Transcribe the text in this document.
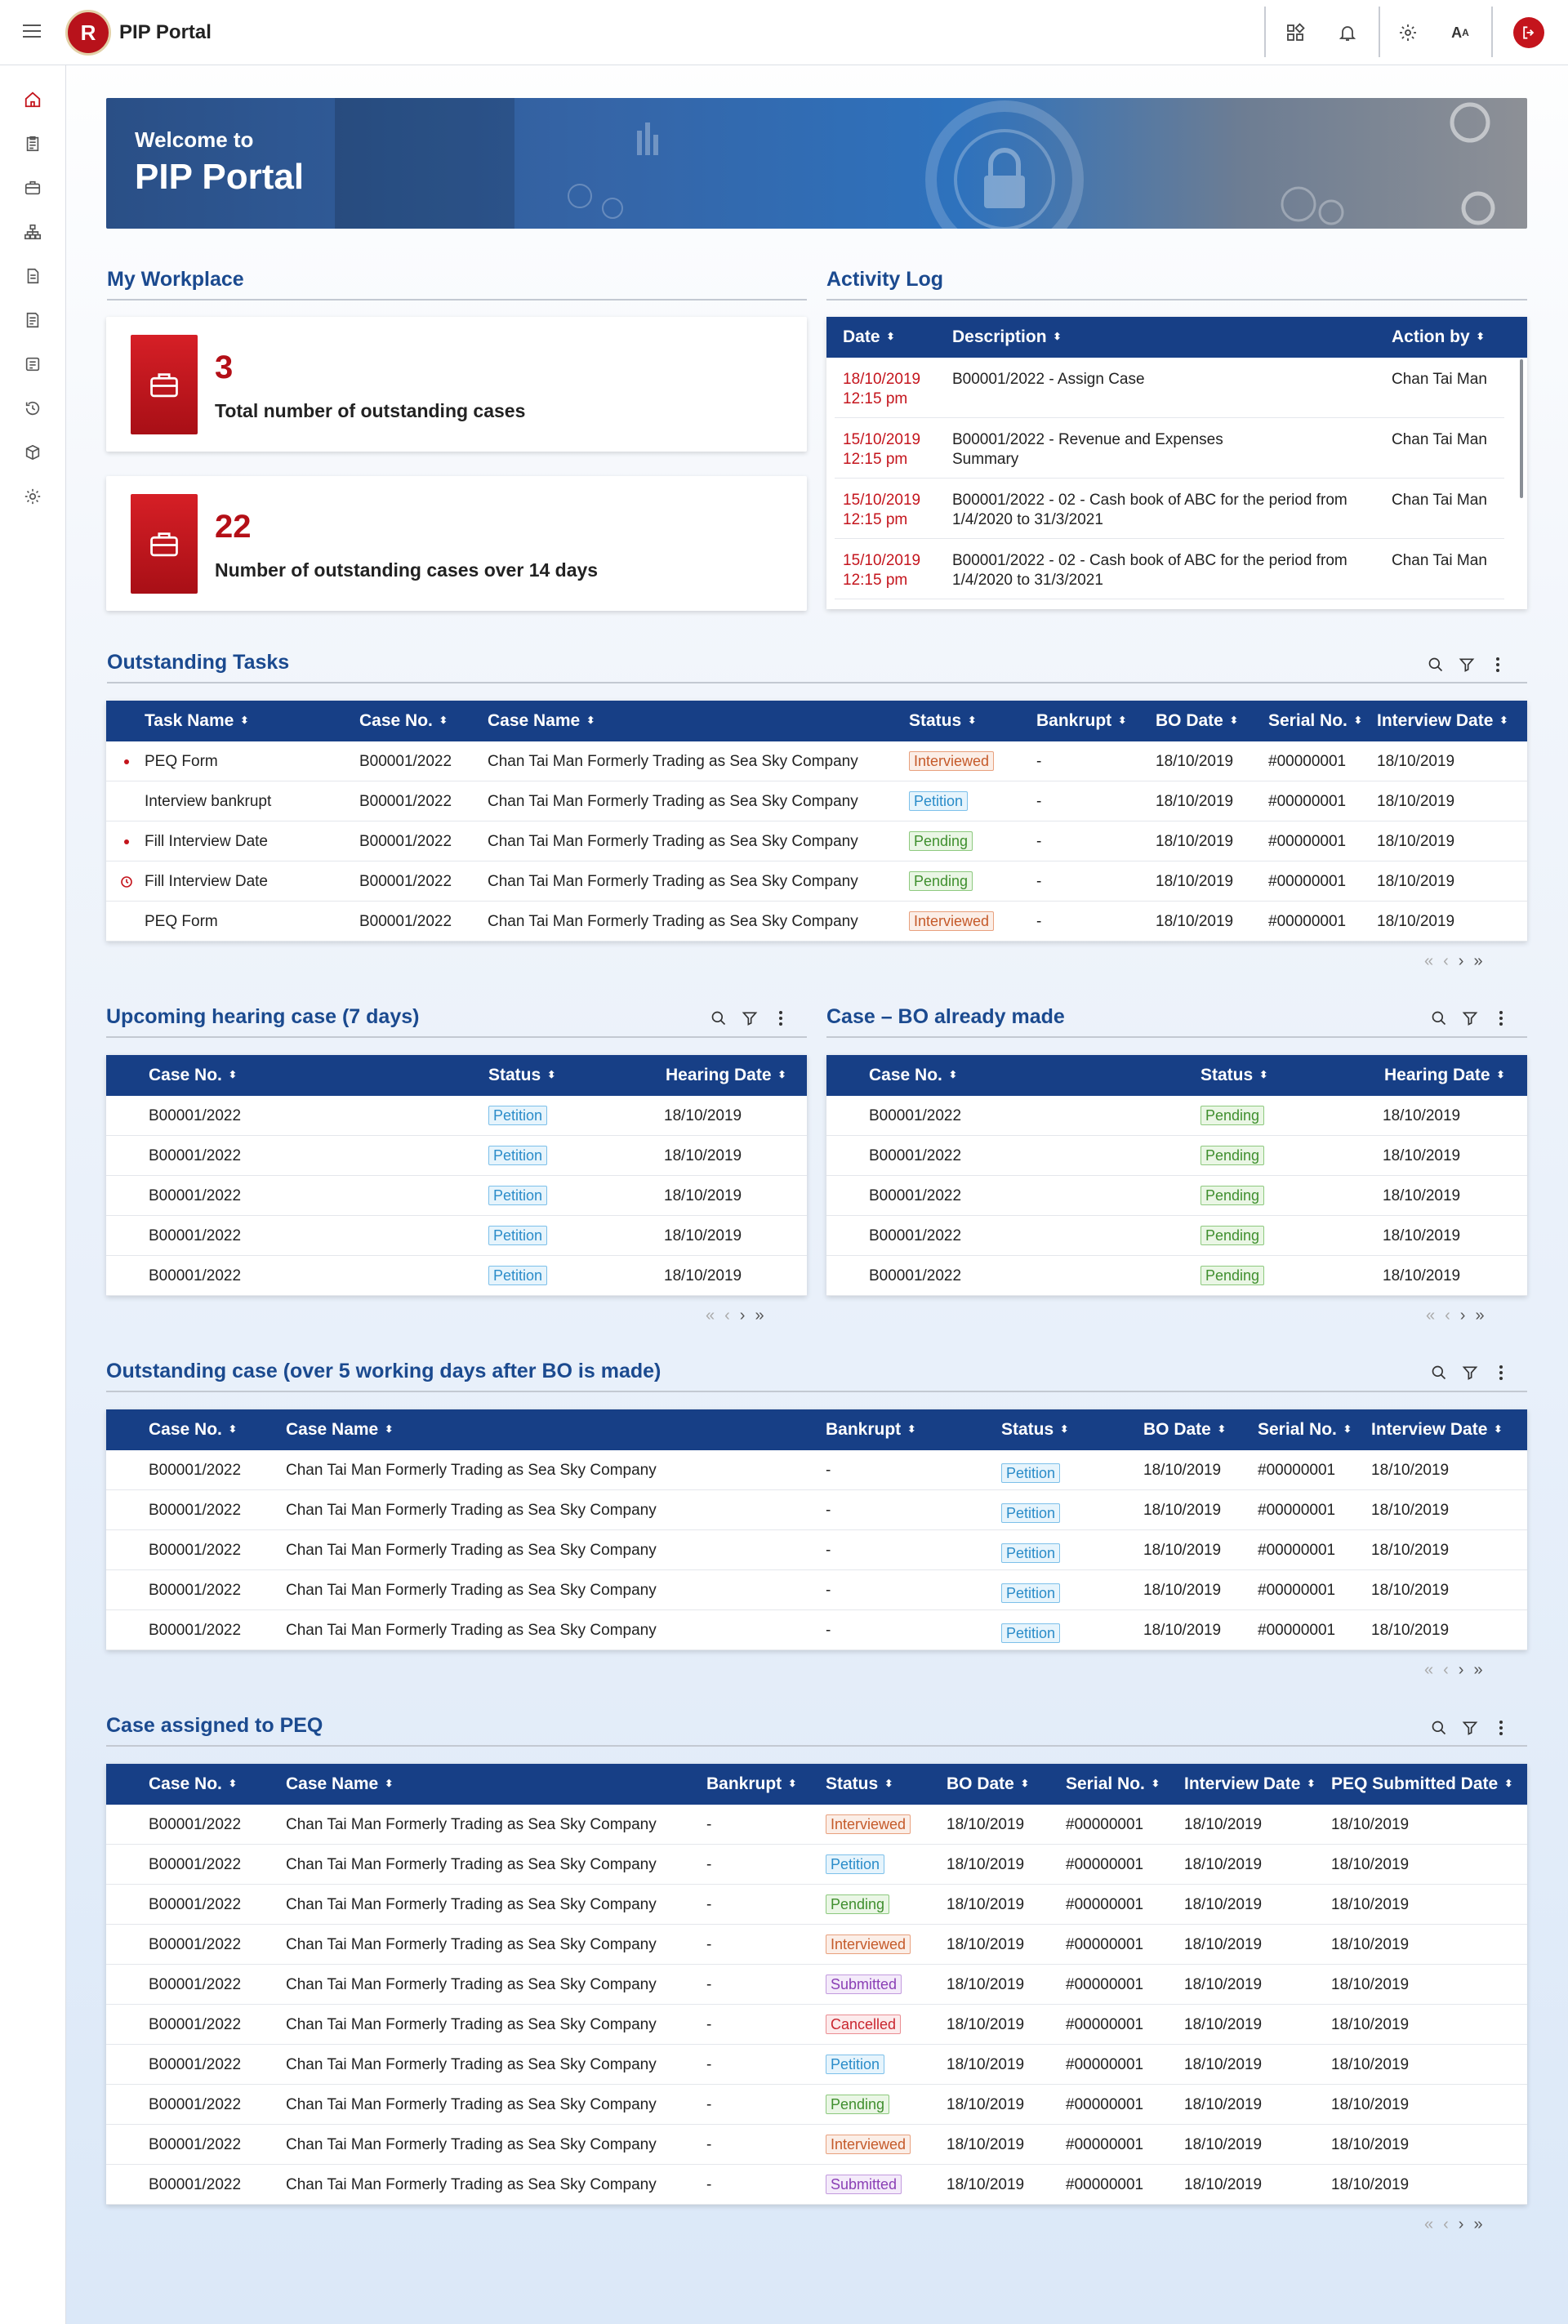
R	PIP Portal	A A
Welcome to
PIP Portal
My Workplace
3
Total number of outstanding cases
22
Number of outstanding cases over 14 days
Activity Log
Date ⬍	Description ⬍	Action by ⬍
18/10/2019
12:15 pm
B00001/2022 - Assign Case	Chan Tai Man
15/10/2019
12:15 pm
B00001/2022 - Revenue and Expenses
Summary
Chan Tai Man
15/10/2019
12:15 pm
B00001/2022 - 02 - Cash book of ABC for the period from
1/4/2020 to 31/3/2021
Chan Tai Man
15/10/2019
12:15 pm
B00001/2022 - 02 - Cash book of ABC for the period from
1/4/2020 to 31/3/2021
Chan Tai Man
Outstanding Tasks
Task Name ⬍	Case No. ⬍ Case Name ⬍	Status ⬍	Bankrupt ⬍ BO Date ⬍ Serial No. ⬍ Interview Date ⬍
PEQ Form	B00001/2022 Chan Tai Man Formerly Trading as Sea Sky Company	Interviewed	-	18/10/2019 #00000001 18/10/2019
Interview bankrupt	B00001/2022 Chan Tai Man Formerly Trading as Sea Sky Company	Petition	-	18/10/2019 #00000001 18/10/2019
Fill Interview Date	B00001/2022 Chan Tai Man Formerly Trading as Sea Sky Company	Pending	-	18/10/2019 #00000001 18/10/2019
Fill Interview Date	B00001/2022 Chan Tai Man Formerly Trading as Sea Sky Company	Pending	-	18/10/2019 #00000001 18/10/2019
PEQ Form	B00001/2022 Chan Tai Man Formerly Trading as Sea Sky Company	Interviewed	-	18/10/2019 #00000001 18/10/2019
« ‹ › »
Upcoming hearing case (7 days)
Case No. ⬍	Status ⬍	Hearing Date ⬍
B00001/2022	Petition	18/10/2019
B00001/2022	Petition	18/10/2019
B00001/2022	Petition	18/10/2019
B00001/2022	Petition	18/10/2019
B00001/2022	Petition	18/10/2019
« ‹ › »
Case – BO already made
Case No. ⬍	Status ⬍	Hearing Date ⬍
B00001/2022	Pending	18/10/2019
B00001/2022	Pending	18/10/2019
B00001/2022	Pending	18/10/2019
B00001/2022	Pending	18/10/2019
B00001/2022	Pending	18/10/2019
« ‹ › »
Outstanding case (over 5 working days after BO is made)
Case No. ⬍	Case Name ⬍	Bankrupt ⬍	Status ⬍	BO Date ⬍ Serial No. ⬍ Interview Date ⬍
B00001/2022	Chan Tai Man Formerly Trading as Sea Sky Company	-	Petition	18/10/2019 #00000001 18/10/2019
B00001/2022	Chan Tai Man Formerly Trading as Sea Sky Company	-	Petition	18/10/2019 #00000001 18/10/2019
B00001/2022	Chan Tai Man Formerly Trading as Sea Sky Company	-	Petition	18/10/2019 #00000001 18/10/2019
B00001/2022	Chan Tai Man Formerly Trading as Sea Sky Company	-	Petition	18/10/2019 #00000001 18/10/2019
B00001/2022	Chan Tai Man Formerly Trading as Sea Sky Company	-	Petition	18/10/2019 #00000001 18/10/2019
« ‹ › »
Case assigned to PEQ
Case No. ⬍	Case Name ⬍	Bankrupt ⬍ Status ⬍	BO Date ⬍ Serial No. ⬍ Interview Date ⬍ PEQ Submitted Date ⬍
B00001/2022	Chan Tai Man Formerly Trading as Sea Sky Company	-	Interviewed	18/10/2019	#00000001	18/10/2019	18/10/2019
B00001/2022	Chan Tai Man Formerly Trading as Sea Sky Company	-	Petition	18/10/2019	#00000001	18/10/2019	18/10/2019
B00001/2022	Chan Tai Man Formerly Trading as Sea Sky Company	-	Pending	18/10/2019	#00000001	18/10/2019	18/10/2019
B00001/2022	Chan Tai Man Formerly Trading as Sea Sky Company	-	Interviewed	18/10/2019	#00000001	18/10/2019	18/10/2019
B00001/2022	Chan Tai Man Formerly Trading as Sea Sky Company	-	Submitted	18/10/2019	#00000001	18/10/2019	18/10/2019
B00001/2022	Chan Tai Man Formerly Trading as Sea Sky Company	-	Cancelled	18/10/2019	#00000001	18/10/2019	18/10/2019
B00001/2022	Chan Tai Man Formerly Trading as Sea Sky Company	-	Petition	18/10/2019	#00000001	18/10/2019	18/10/2019
B00001/2022	Chan Tai Man Formerly Trading as Sea Sky Company	-	Pending	18/10/2019	#00000001	18/10/2019	18/10/2019
B00001/2022	Chan Tai Man Formerly Trading as Sea Sky Company	-	Interviewed	18/10/2019	#00000001	18/10/2019	18/10/2019
B00001/2022	Chan Tai Man Formerly Trading as Sea Sky Company	-	Submitted	18/10/2019	#00000001	18/10/2019	18/10/2019
« ‹ › »
